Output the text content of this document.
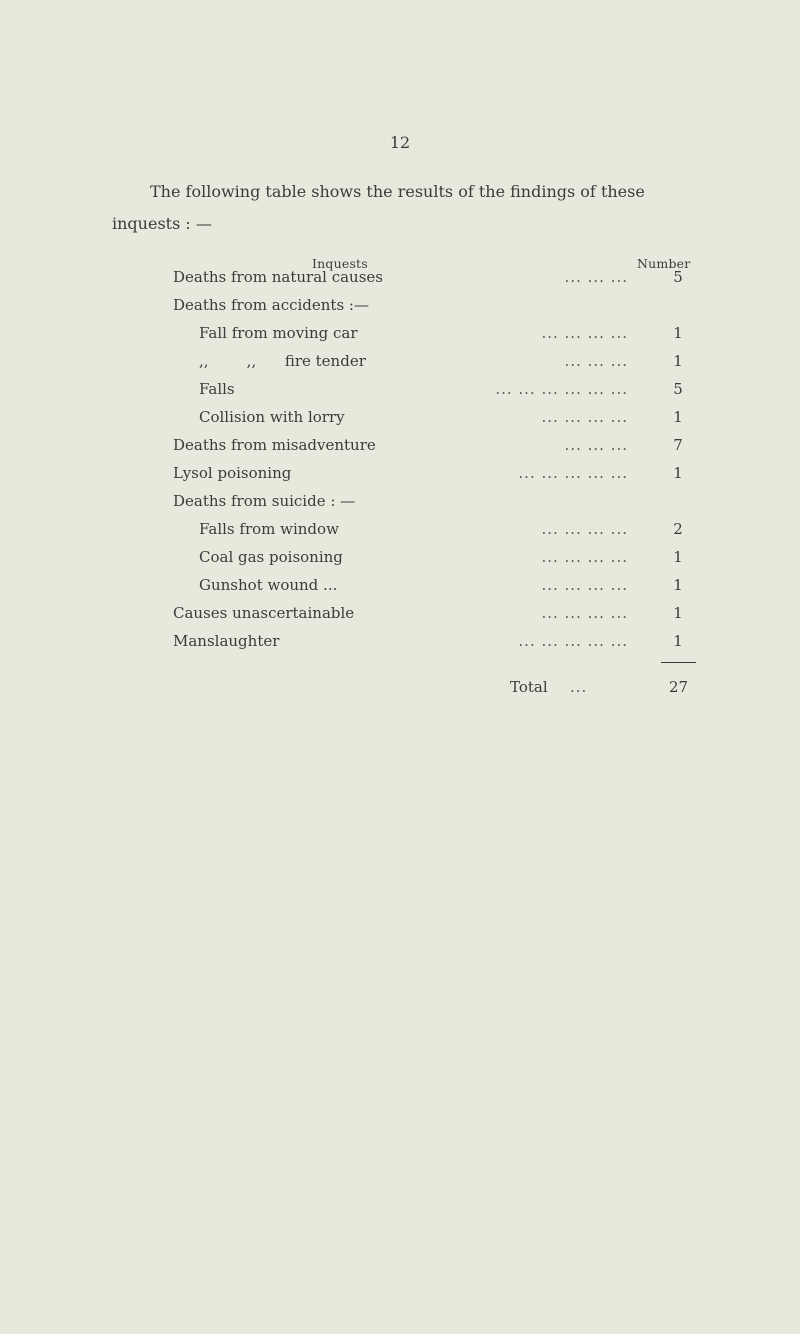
12
The following table shows the results of the findings of these
inquests : —
Inquests	Number
Deaths from natural causes	... ... ...	5
Deaths from accidents :—
Fall from moving car	... ... ... ...	1
,,        ,,      fire tender	... ... ...	1
Falls	... ... ... ... ... ...	5
Collision with lorry	... ... ... ...	1
Deaths from misadventure	... ... ...	7
Lysol poisoning	... ... ... ... ...	1
Deaths from suicide : —
Falls from window	... ... ... ...	2
Coal gas poisoning	... ... ... ...	1
Gunshot wound ...	... ... ... ...	1
Causes unascertainable	... ... ... ...	1
Manslaughter	... ... ... ... ...	1
Total ...	27
